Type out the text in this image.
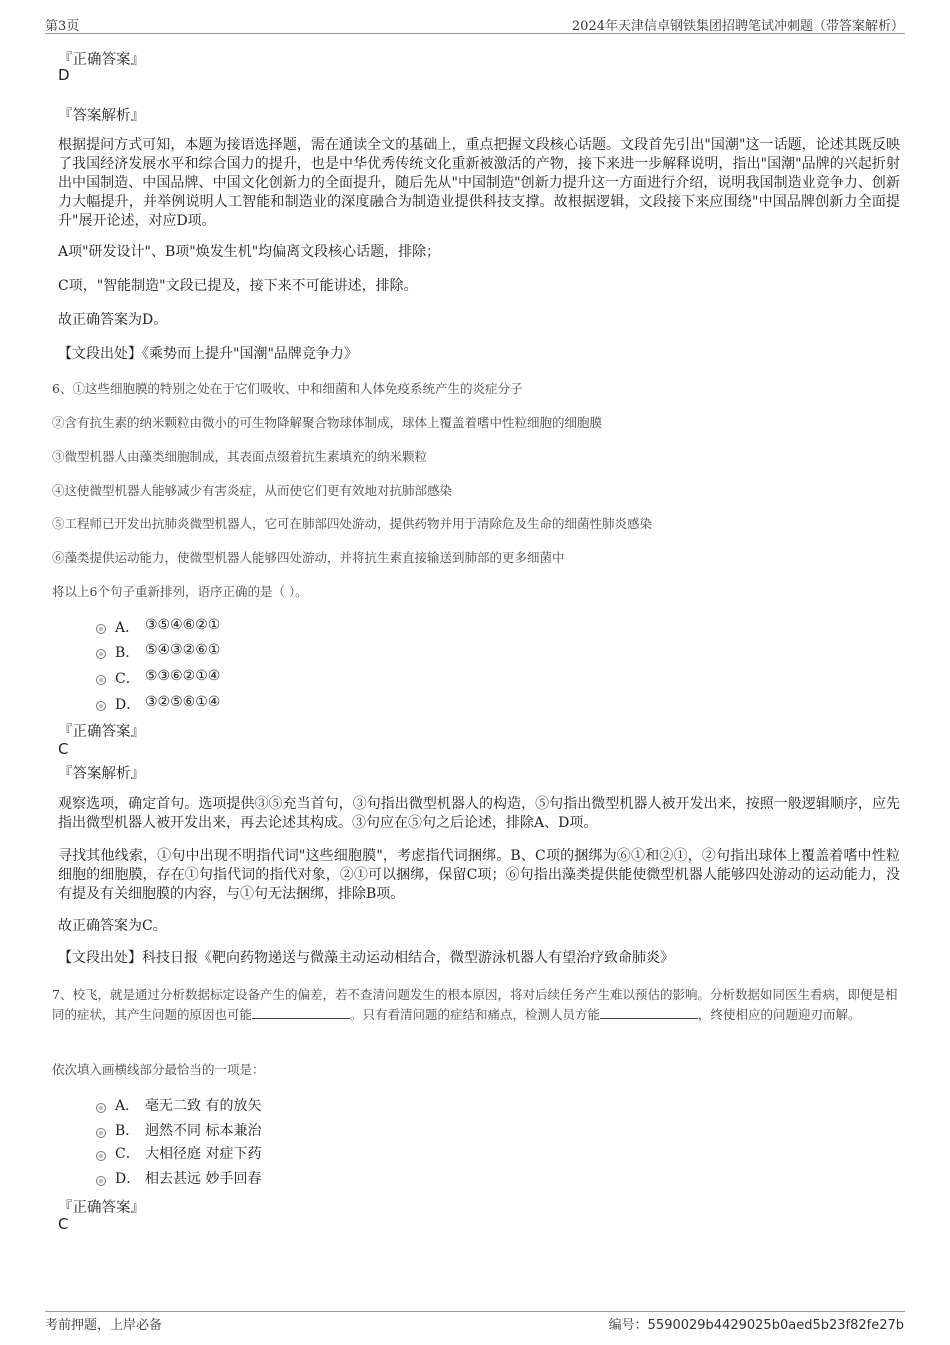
第3页	2024年天津信卓钢铁集团招聘笔试冲刺题（带答案解析）
『正确答案』
D
『答案解析』
根据提问方式可知，本题为接语选择题，需在通读全文的基础上，重点把握文段核心话题。文段首先引出"国潮"这一话题，论述其既反映了我国经济发展水平和综合国力的提升，也是中华优秀传统文化重新被激活的产物，接下来进一步解释说明，指出"国潮"品牌的兴起折射出中国制造、中国品牌、中国文化创新力的全面提升，随后先从"中国制造"创新力提升这一方面进行介绍，说明我国制造业竞争力、创新力大幅提升，并举例说明人工智能和制造业的深度融合为制造业提供科技支撑。故根据逻辑，文段接下来应围绕"中国品牌创新力全面提升"展开论述，对应D项。
A项"研发设计"、B项"焕发生机"均偏离文段核心话题，排除；
C项，"智能制造"文段已提及，接下来不可能讲述，排除。
故正确答案为D。
【文段出处】《乘势而上提升"国潮"品牌竞争力》
6、①这些细胞膜的特别之处在于它们吸收、中和细菌和人体免疫系统产生的炎症分子
②含有抗生素的纳米颗粒由微小的可生物降解聚合物球体制成，球体上覆盖着嗜中性粒细胞的细胞膜
③微型机器人由藻类细胞制成，其表面点缀着抗生素填充的纳米颗粒
④这使微型机器人能够减少有害炎症，从而使它们更有效地对抗肺部感染
⑤工程师已开发出抗肺炎微型机器人，它可在肺部四处游动，提供药物并用于清除危及生命的细菌性肺炎感染
⑥藻类提供运动能力，使微型机器人能够四处游动，并将抗生素直接输送到肺部的更多细菌中
将以上6个句子重新排列，语序正确的是（ ）。
A． ③⑤④⑥②①
B． ⑤④③②⑥①
C． ⑤③⑥②①④
D． ③②⑤⑥①④
『正确答案』
C
『答案解析』
观察选项，确定首句。选项提供③⑤充当首句，③句指出微型机器人的构造，⑤句指出微型机器人被开发出来，按照一般逻辑顺序，应先指出微型机器人被开发出来，再去论述其构成。③句应在⑤句之后论述，排除A、D项。
寻找其他线索，①句中出现不明指代词"这些细胞膜"，考虑指代词捆绑。B、C项的捆绑为⑥①和②①，②句指出球体上覆盖着嗜中性粒细胞的细胞膜，存在①句指代词的指代对象，②①可以捆绑，保留C项；⑥句指出藻类提供能使微型机器人能够四处游动的运动能力，没有提及有关细胞膜的内容，与①句无法捆绑，排除B项。
故正确答案为C。
【文段出处】科技日报《靶向药物递送与微藻主动运动相结合，微型游泳机器人有望治疗致命肺炎》
7、校飞，就是通过分析数据标定设备产生的偏差，若不查清问题发生的根本原因，将对后续任务产生难以预估的影响。分析数据如同医生看病，即便是相同的症状，其产生问题的原因也可能	。只有看清问题的症结和痛点，检测人员方能	，终使相应的问题迎刃而解。
依次填入画横线部分最恰当的一项是：
A． 毫无二致 有的放矢
B． 迥然不同 标本兼治
C． 大相径庭 对症下药
D． 相去甚远 妙手回春
『正确答案』
C
考前押题，上岸必备	编号：5590029b4429025b0aed5b23f82fe27b
